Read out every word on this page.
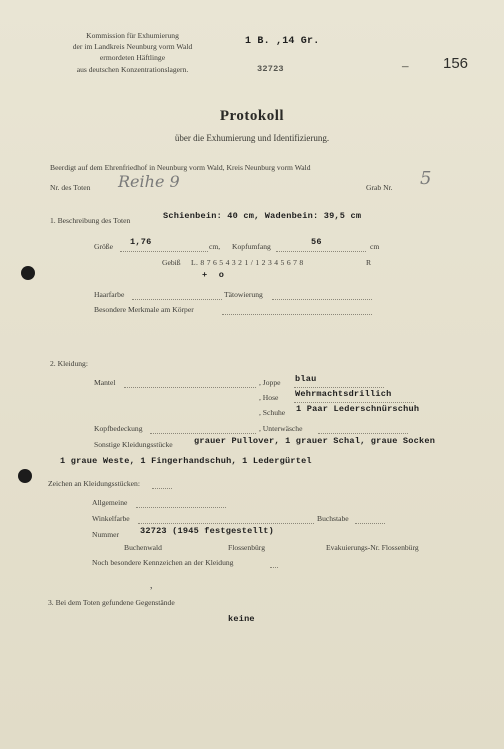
Kommission für Exhumierung
der im Landkreis Neunburg vorm Wald
ermordeten Häftlinge
aus deutschen Konzentrationslagern.
1 B. ,14 Gr.
32723	– 156
Protokoll
über die Exhumierung und Identifizierung.
Beerdigt auf dem Ehrenfriedhof in Neunburg vorm Wald, Kreis Neunburg vorm Wald
Nr. des Toten Reihe 9	Grab Nr. 5
1. Beschreibung des Toten	Schienbein: 40 cm, Wadenbein: 39,5 cm
Größe 1,76	cm, Kopfumfang	56	cm
Gebiß L . 8 7 6 5 4 3 2 1 / 1 2 3 4 5 6 7 8	R
+ o
Haarfarbe	Tätowierung
Besondere Merkmale am Körper
2. Kleidung:
Mantel	, Joppe blau
, Hose Wehrmachtsdrillich
, Schuhe 1 Paar Lederschnürschuh
Kopfbedeckung	, Unterwäsche
Sonstige Kleidungsstücke grauer Pullover, 1 grauer Schal, graue Socken
1 graue Weste, 1 Fingerhandschuh, 1 Ledergürtel
Zeichen an Kleidungsstücken:
Allgemeine
Winkelfarbe	Buchstabe
Nummer 32723 (1945 festgestellt)
Buchenwald	Flossenbürg	Evakuierungs-Nr. Flossenbürg
Noch besondere Kennzeichen an der Kleidung
,
3. Bei dem Toten gefundene Gegenstände
keine
